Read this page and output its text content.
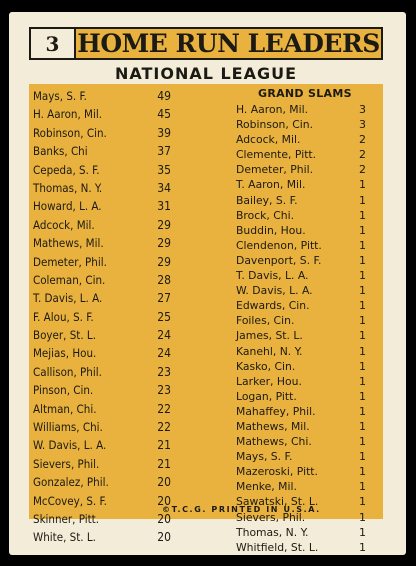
3 HOME RUN LEADERS
NATIONAL LEAGUE
Mays, S. F.	49
H. Aaron, Mil.	45
Robinson, Cin.	39
Banks, Chi	37
Cepeda, S. F.	35
Thomas, N. Y.	34
Howard, L. A.	31
Adcock, Mil.	29
Mathews, Mil.	29
Demeter, Phil.	29
Coleman, Cin.	28
T. Davis, L. A.	27
F. Alou, S. F.	25
Boyer, St. L.	24
Mejias, Hou.	24
Callison, Phil.	23
Pinson, Cin.	23
Altman, Chi.	22
Williams, Chi.	22
W. Davis, L. A.	21
Sievers, Phil.	21
Gonzalez, Phil.	20
McCovey, S. F.	20
Skinner, Pitt.	20
White, St. L.	20
GRAND SLAMS
H. Aaron, Mil.	3
Robinson, Cin.	3
Adcock, Mil.	2
Clemente, Pitt.	2
Demeter, Phil.	2
T. Aaron, Mil.	1
Bailey, S. F.	1
Brock, Chi.	1
Buddin, Hou.	1
Clendenon, Pitt.	1
Davenport, S. F.	1
T. Davis, L. A.	1
W. Davis, L. A.	1
Edwards, Cin.	1
Foiles, Cin.	1
James, St. L.	1
Kanehl, N. Y.	1
Kasko, Cin.	1
Larker, Hou.	1
Logan, Pitt.	1
Mahaffey, Phil.	1
Mathews, Mil.	1
Mathews, Chi.	1
Mays, S. F.	1
Mazeroski, Pitt.	1
Menke, Mil.	1
Sawatski, St. L.	1
Sievers, Phil.	1
Thomas, N. Y.	1
Whitfield, St. L.	1
©T.C.G. PRINTED IN U.S.A.
